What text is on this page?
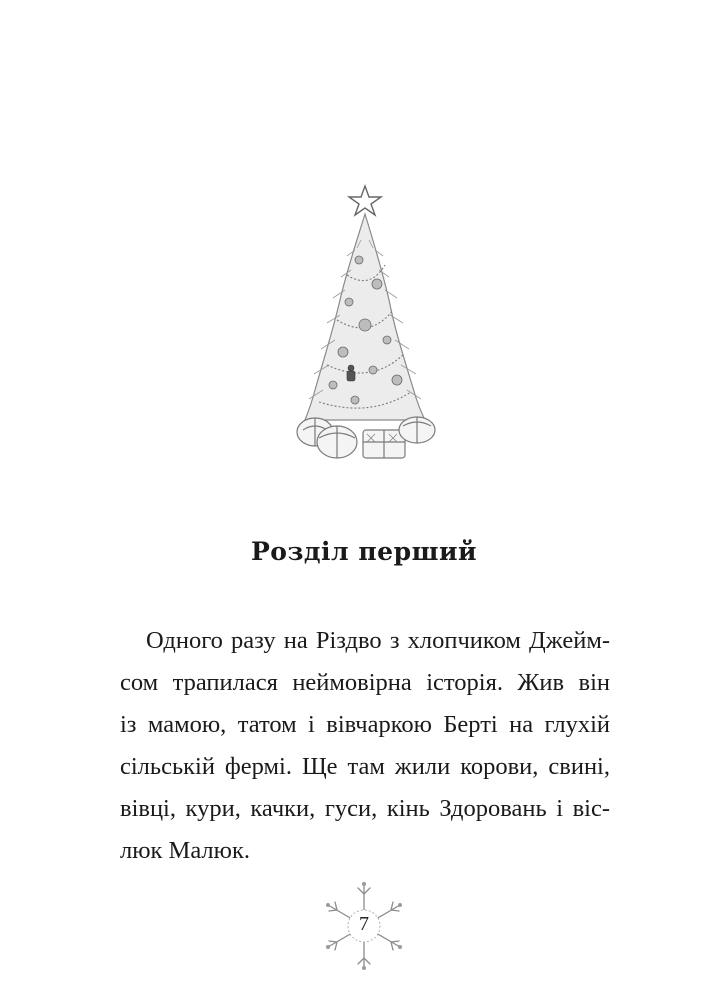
Розділ перший

Одного разу на Різдво з хлопчиком Джейм-
сом трапилася неймовірна історія. Жив він
із мамою, татом і вівчаркою Берті на глухій
сільській фермі. Ще там жили корови, свині,
вівці, кури, качки, гуси, кінь Здоровань і віс-
люк Малюк.

7
